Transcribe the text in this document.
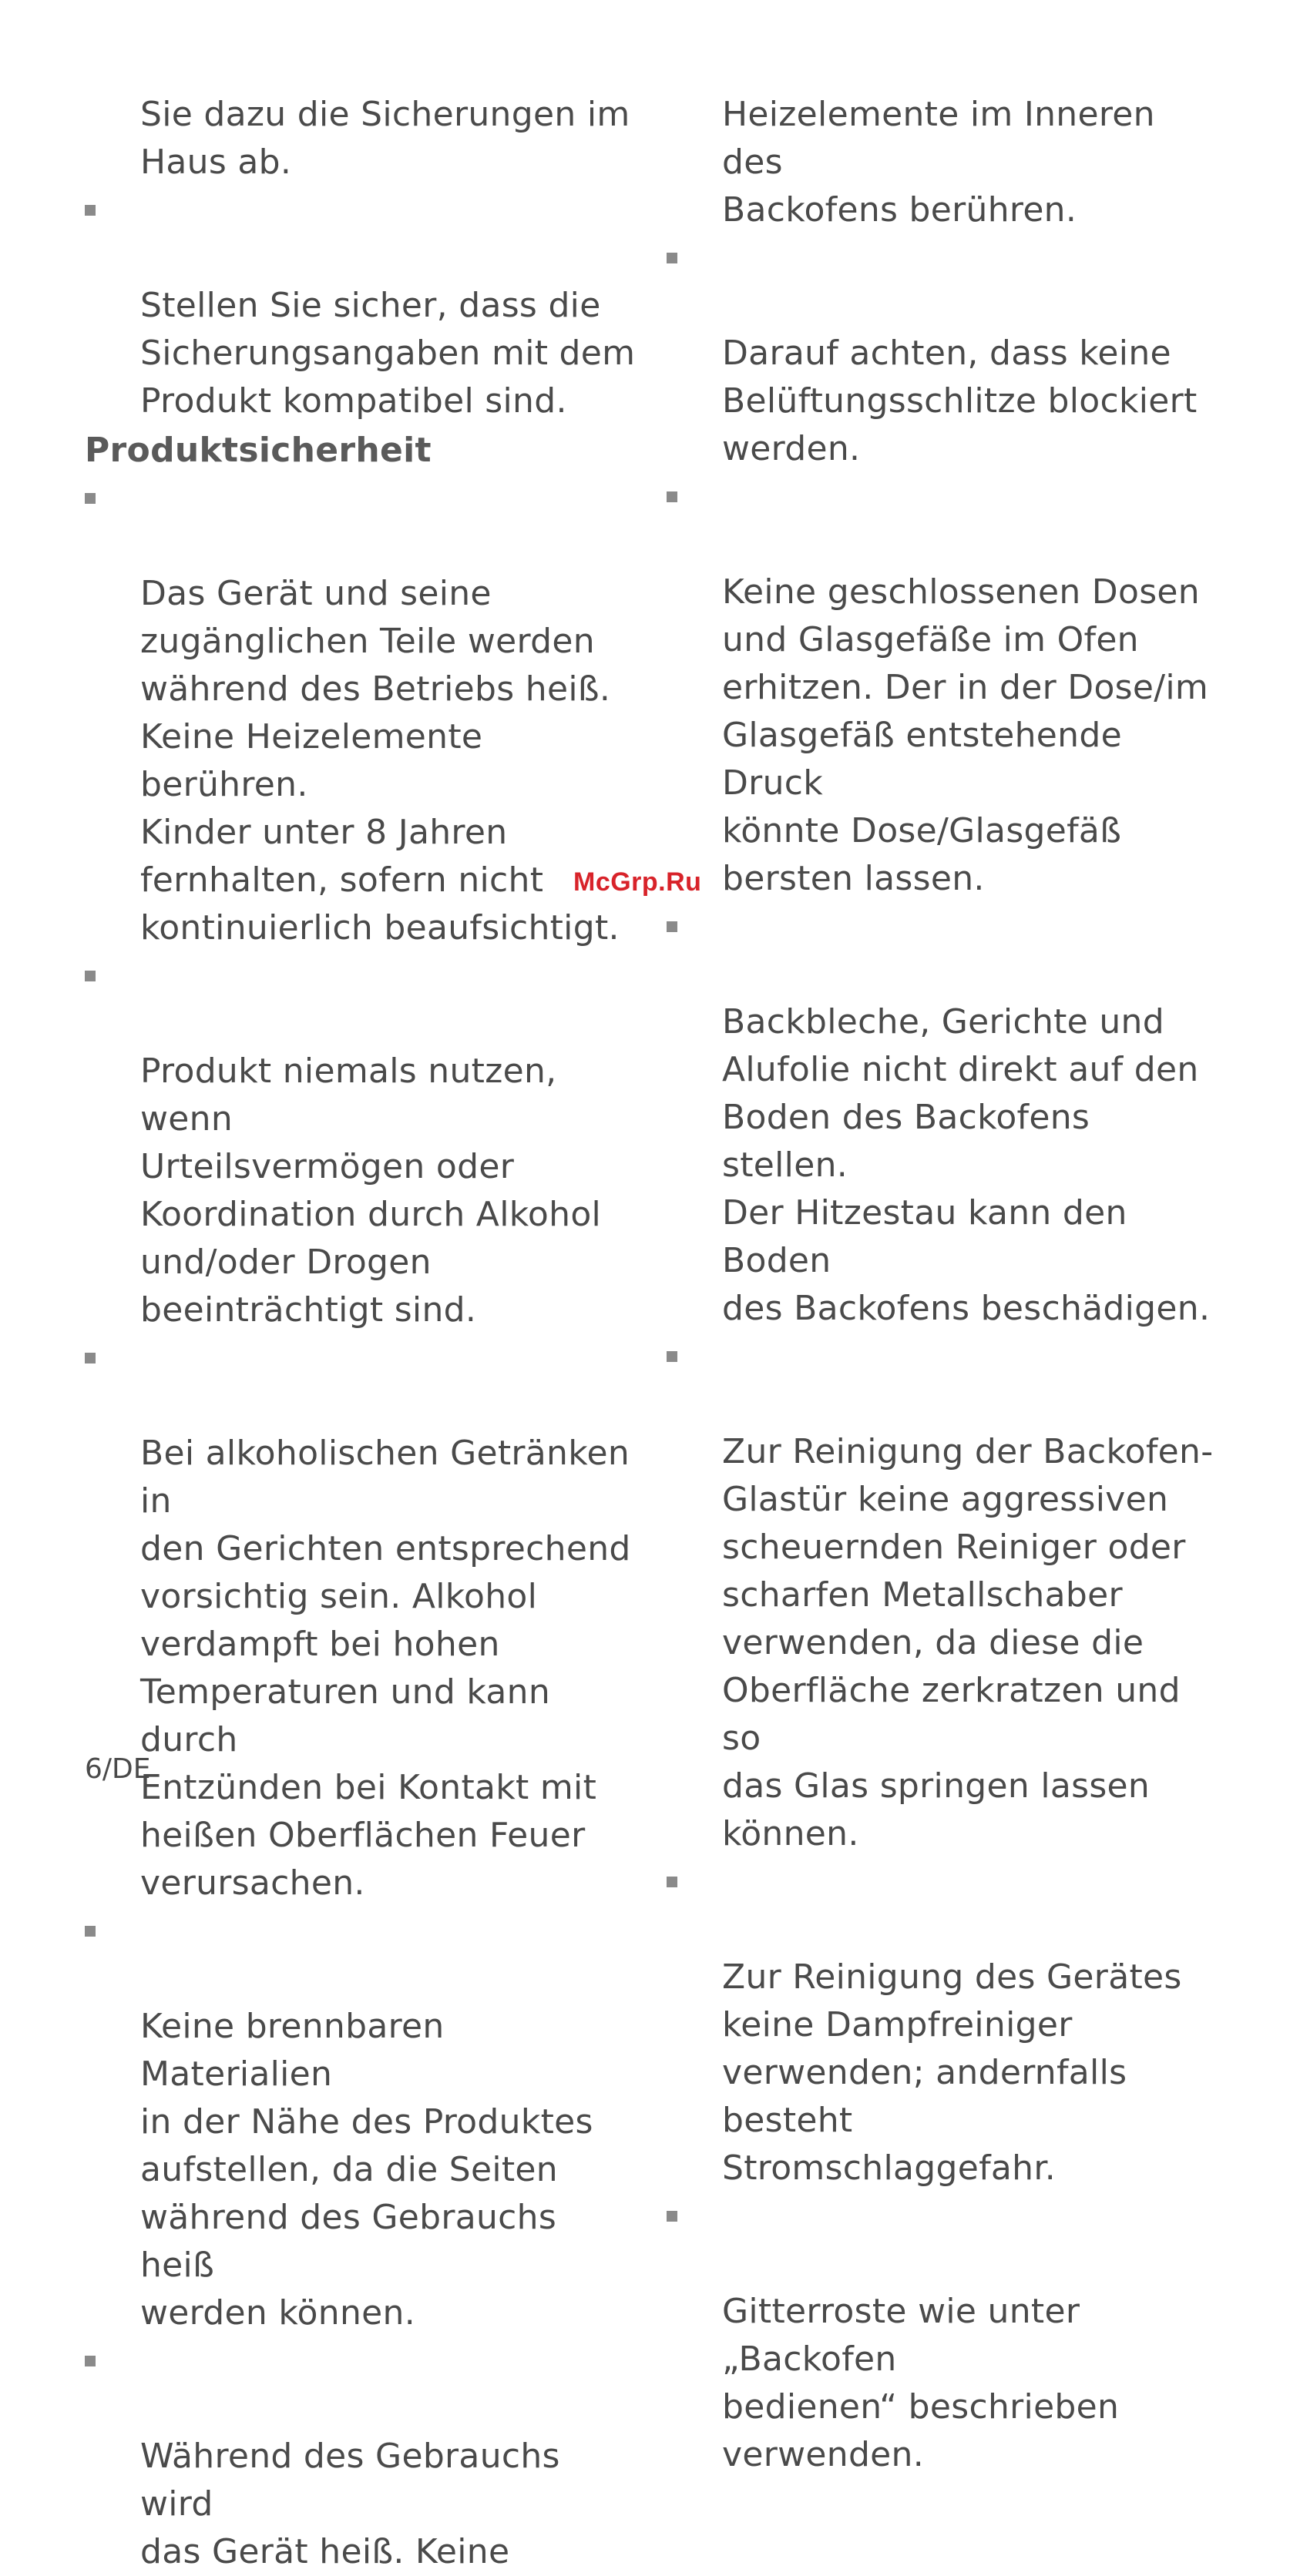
Sie dazu die Sicherungen im
Haus ab.

Stellen Sie sicher, dass die
Sicherungsangaben mit dem
Produkt kompatibel sind.

Produktsicherheit

Das Gerät und seine
zugänglichen Teile werden
während des Betriebs heiß.
Keine Heizelemente berühren.
Kinder unter 8 Jahren
fernhalten, sofern nicht
kontinuierlich beaufsichtigt.

Produkt niemals nutzen, wenn
Urteilsvermögen oder
Koordination durch Alkohol
und/oder Drogen
beeinträchtigt sind.

Bei alkoholischen Getränken in
den Gerichten entsprechend
vorsichtig sein. Alkohol
verdampft bei hohen
Temperaturen und kann durch
Entzünden bei Kontakt mit
heißen Oberflächen Feuer
verursachen.

Keine brennbaren Materialien
in der Nähe des Produktes
aufstellen, da die Seiten
während des Gebrauchs heiß
werden können.

Während des Gebrauchs wird
das Gerät heiß. Keine

Heizelemente im Inneren des
Backofens berühren.

Darauf achten, dass keine
Belüftungsschlitze blockiert
werden.

Keine geschlossenen Dosen
und Glasgefäße im Ofen
erhitzen. Der in der Dose/im
Glasgefäß entstehende Druck
könnte Dose/Glasgefäß
bersten lassen.

Backbleche, Gerichte und
Alufolie nicht direkt auf den
Boden des Backofens stellen.
Der Hitzestau kann den Boden
des Backofens beschädigen.

Zur Reinigung der Backofen-
Glastür keine aggressiven
scheuernden Reiniger oder
scharfen Metallschaber
verwenden, da diese die
Oberfläche zerkratzen und so
das Glas springen lassen
können.

Zur Reinigung des Gerätes
keine Dampfreiniger
verwenden; andernfalls besteht
Stromschlaggefahr.

Gitterroste wie unter
„Backofen
bedienen“ beschrieben
verwenden.

McGrp.Ru
6/DE
